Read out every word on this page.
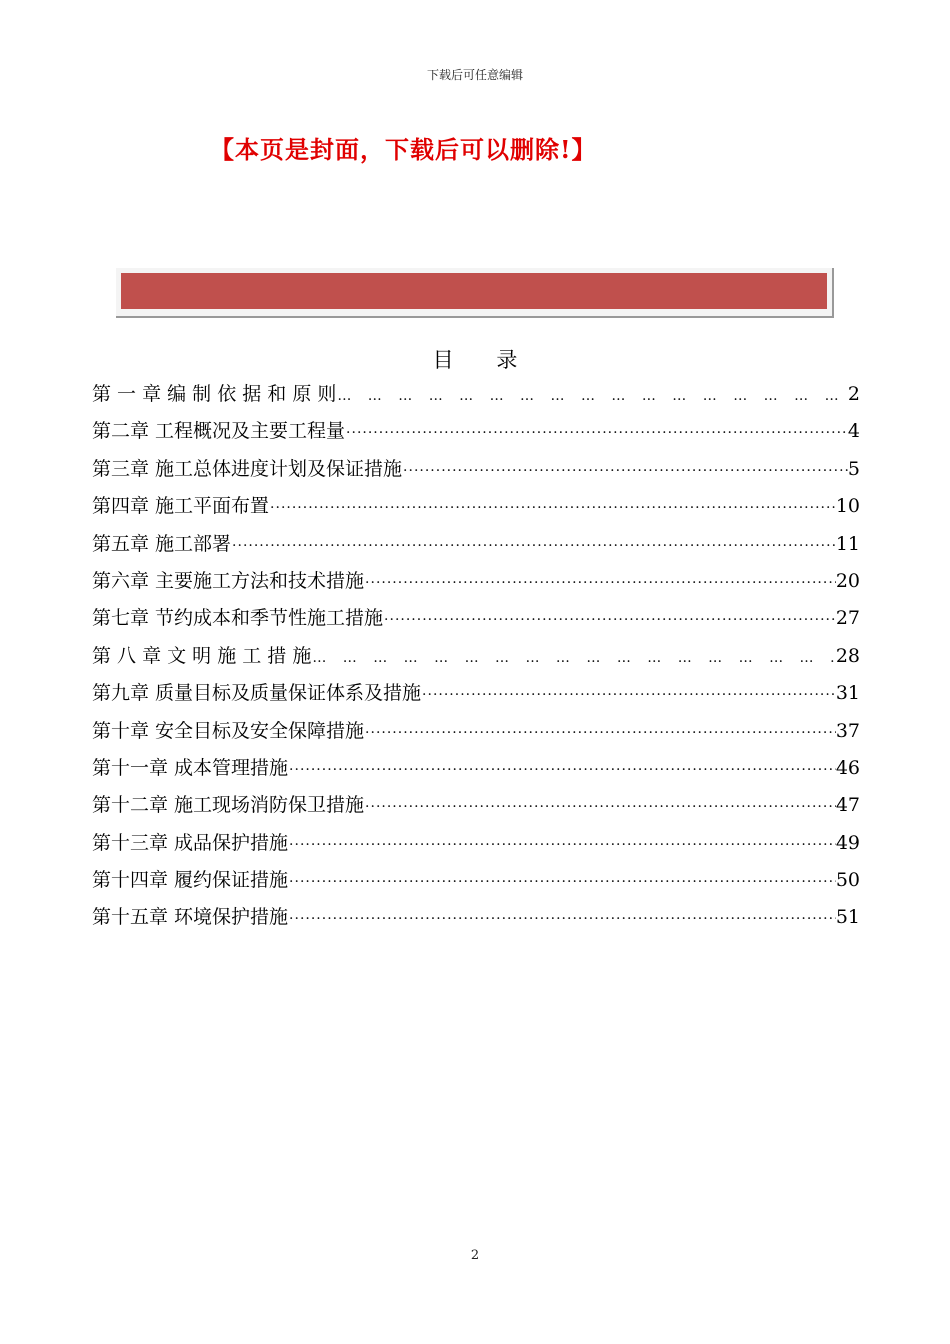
下载后可任意编辑
【本页是封面，下载后可以删除!】
目 录
第 一 章 编 制 依 据 和 原 则 … … … … … … … … … … … … … … … … … … … … … … … … … … … … … … … … … … … …	2
第二章 工程概况及主要工程量 ·····	4
第三章 施工总体进度计划及保证措施 ·····	5
第四章 施工平面布置 ·····	10
第五章 施工部署 ·····	11
第六章 主要施工方法和技术措施 ·····	20
第七章 节约成本和季节性施工措施 ·····	27
第 八 章 文 明 施 工 措 施 … … … … … … … … … … … … … … … … … … … … … … … … … … … … … … … … … … … …	28
第九章 质量目标及质量保证体系及措施 ·····	31
第十章 安全目标及安全保障措施 ·····	37
第十一章 成本管理措施 ·····	46
第十二章 施工现场消防保卫措施 ·····	47
第十三章 成品保护措施 ·····	49
第十四章 履约保证措施 ·····	50
第十五章 环境保护措施 ·····	51
2
